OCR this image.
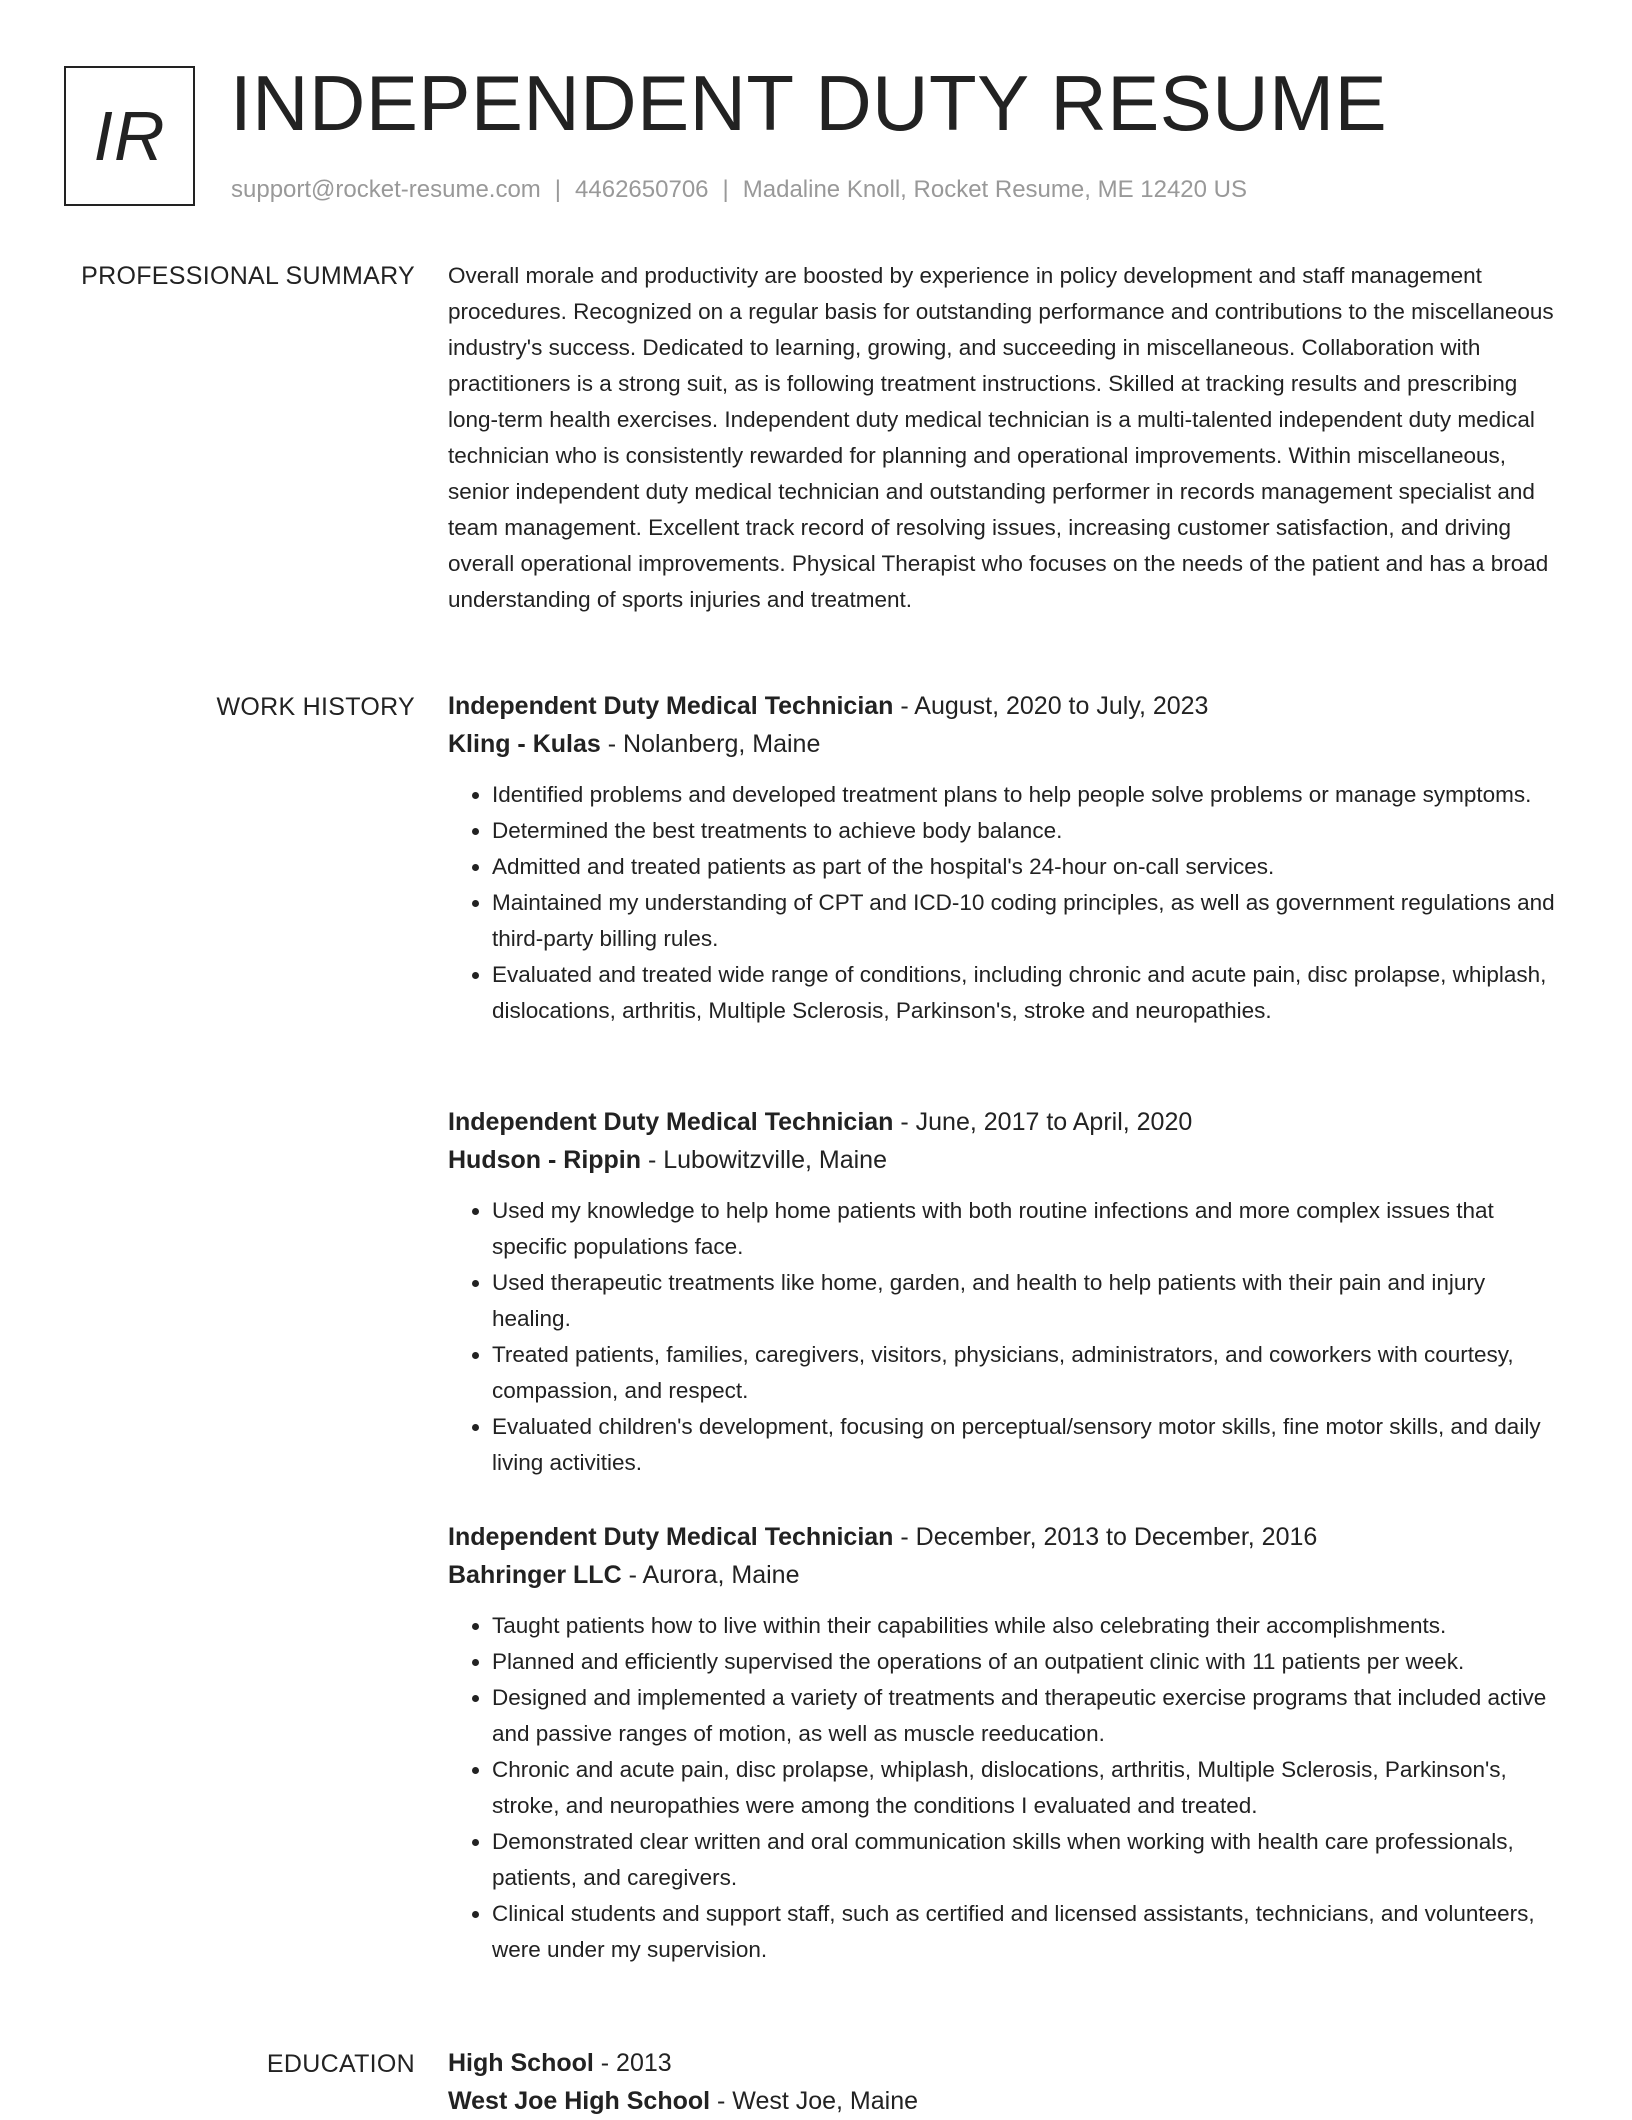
IR INDEPENDENT DUTY RESUME
support@rocket-resume.com | 4462650706 | Madaline Knoll, Rocket Resume, ME 12420 US
PROFESSIONAL SUMMARY Overall morale and productivity are boosted by experience in policy development and staff management procedures. Recognized on a regular basis for outstanding performance and contributions to the miscellaneous industry's success. Dedicated to learning, growing, and succeeding in miscellaneous. Collaboration with practitioners is a strong suit, as is following treatment instructions. Skilled at tracking results and prescribing long-term health exercises. Independent duty medical technician is a multi-talented independent duty medical technician who is consistently rewarded for planning and operational improvements. Within miscellaneous, senior independent duty medical technician and outstanding performer in records management specialist and team management. Excellent track record of resolving issues, increasing customer satisfaction, and driving overall operational improvements. Physical Therapist who focuses on the needs of the patient and has a broad understanding of sports injuries and treatment.

WORK HISTORY Independent Duty Medical Technician - August, 2020 to July, 2023
Kling - Kulas - Nolanberg, Maine
• Identified problems and developed treatment plans to help people solve problems or manage symptoms.
• Determined the best treatments to achieve body balance.
• Admitted and treated patients as part of the hospital's 24-hour on-call services.
• Maintained my understanding of CPT and ICD-10 coding principles, as well as government regulations and third-party billing rules.
• Evaluated and treated wide range of conditions, including chronic and acute pain, disc prolapse, whiplash, dislocations, arthritis, Multiple Sclerosis, Parkinson's, stroke and neuropathies.
Independent Duty Medical Technician - June, 2017 to April, 2020
Hudson - Rippin - Lubowitzville, Maine
• Used my knowledge to help home patients with both routine infections and more complex issues that specific populations face.
• Used therapeutic treatments like home, garden, and health to help patients with their pain and injury healing.
• Treated patients, families, caregivers, visitors, physicians, administrators, and coworkers with courtesy, compassion, and respect.
• Evaluated children's development, focusing on perceptual/sensory motor skills, fine motor skills, and daily living activities.
Independent Duty Medical Technician - December, 2013 to December, 2016
Bahringer LLC - Aurora, Maine
• Taught patients how to live within their capabilities while also celebrating their accomplishments.
• Planned and efficiently supervised the operations of an outpatient clinic with 11 patients per week.
• Designed and implemented a variety of treatments and therapeutic exercise programs that included active and passive ranges of motion, as well as muscle reeducation.
• Chronic and acute pain, disc prolapse, whiplash, dislocations, arthritis, Multiple Sclerosis, Parkinson's, stroke, and neuropathies were among the conditions I evaluated and treated.
• Demonstrated clear written and oral communication skills when working with health care professionals, patients, and caregivers.
• Clinical students and support staff, such as certified and licensed assistants, technicians, and volunteers, were under my supervision.
EDUCATION High School - 2013
West Joe High School - West Joe, Maine
